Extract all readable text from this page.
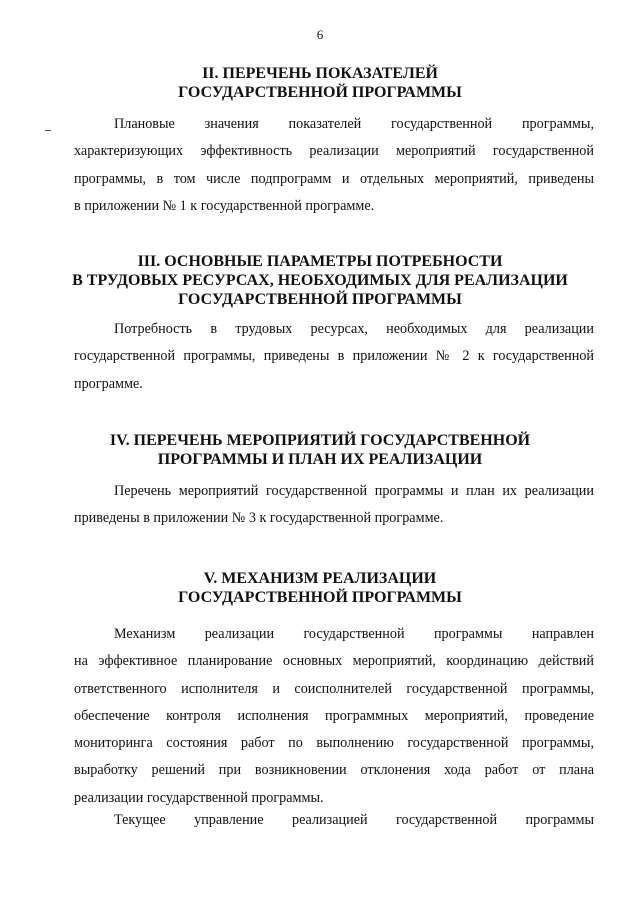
6
II. ПЕРЕЧЕНЬ ПОКАЗАТЕЛЕЙ
ГОСУДАРСТВЕННОЙ ПРОГРАММЫ
Плановые значения показателей государственной программы,
характеризующих эффективность реализации мероприятий государственной
программы, в том числе подпрограмм и отдельных мероприятий, приведены
в приложении № 1 к государственной программе.
III. ОСНОВНЫЕ ПАРАМЕТРЫ ПОТРЕБНОСТИ
В ТРУДОВЫХ РЕСУРСАХ, НЕОБХОДИМЫХ ДЛЯ РЕАЛИЗАЦИИ
ГОСУДАРСТВЕННОЙ ПРОГРАММЫ
Потребность в трудовых ресурсах, необходимых для реализации
государственной программы, приведены в приложении № 2 к государственной
программе.
IV. ПЕРЕЧЕНЬ МЕРОПРИЯТИЙ ГОСУДАРСТВЕННОЙ
ПРОГРАММЫ И ПЛАН ИХ РЕАЛИЗАЦИИ
Перечень мероприятий государственной программы и план их реализации
приведены в приложении № 3 к государственной программе.
V. МЕХАНИЗМ РЕАЛИЗАЦИИ
ГОСУДАРСТВЕННОЙ ПРОГРАММЫ
Механизм реализации государственной программы направлен
на эффективное планирование основных мероприятий, координацию действий
ответственного исполнителя и соисполнителей государственной программы,
обеспечение контроля исполнения программных мероприятий, проведение
мониторинга состояния работ по выполнению государственной программы,
выработку решений при возникновении отклонения хода работ от плана
реализации государственной программы.
Текущее управление реализацией государственной программы
